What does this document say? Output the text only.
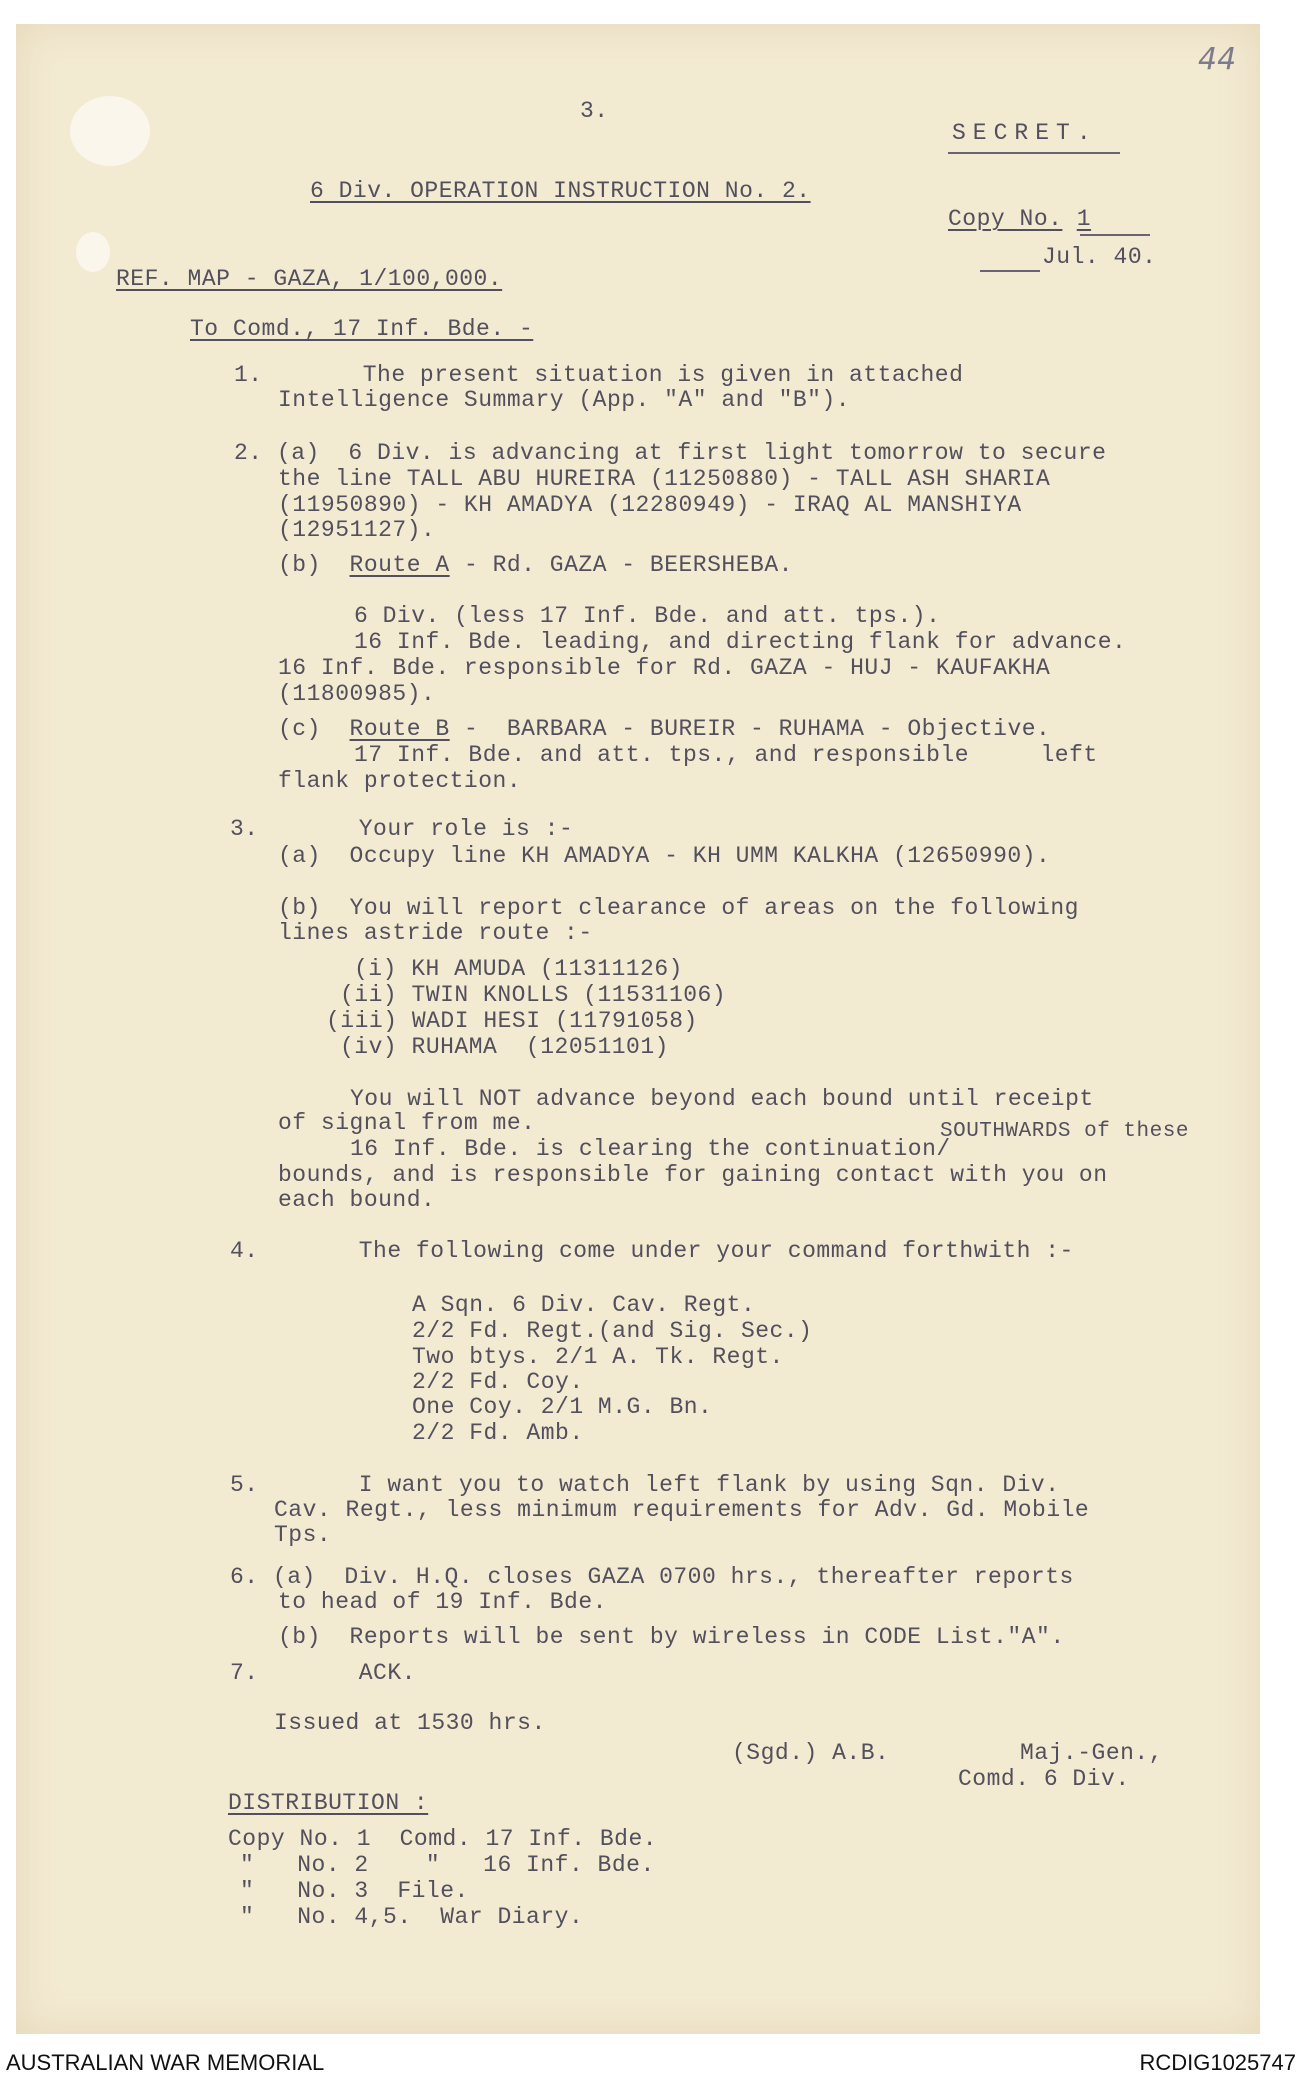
44
3.
SECRET.
6 Div. OPERATION INSTRUCTION No. 2.
Copy No. 1
Jul. 40.
REF. MAP - GAZA, 1/100,000.
To Comd., 17 Inf. Bde. -
1.       The present situation is given in attached
Intelligence Summary (App. "A" and "B").
2. (a)  6 Div. is advancing at first light tomorrow to secure
the line TALL ABU HUREIRA (11250880) - TALL ASH SHARIA
(11950890) - KH AMADYA (12280949) - IRAQ AL MANSHIYA
(12951127).
(b) Route A - Rd. GAZA - BEERSHEBA.
6 Div. (less 17 Inf. Bde. and att. tps.).
16 Inf. Bde. leading, and directing flank for advance.
16 Inf. Bde. responsible for Rd. GAZA - HUJ - KAUFAKHA
(11800985).
(c) Route B -  BARBARA - BUREIR - RUHAMA - Objective.
17 Inf. Bde. and att. tps., and responsible     left
flank protection.
3.       Your role is :-
(a)  Occupy line KH AMADYA - KH UMM KALKHA (12650990).
(b)  You will report clearance of areas on the following
lines astride route :-
(i) KH AMUDA (11311126)
(ii) TWIN KNOLLS (11531106)
(iii) WADI HESI (11791058)
(iv) RUHAMA  (12051101)
You will NOT advance beyond each bound until receipt
of signal from me.	SOUTHWARDS of these
16 Inf. Bde. is clearing the continuation/
bounds, and is responsible for gaining contact with you on
each bound.
4.       The following come under your command forthwith :-
A Sqn. 6 Div. Cav. Regt.
2/2 Fd. Regt.(and Sig. Sec.)
Two btys. 2/1 A. Tk. Regt.
2/2 Fd. Coy.
One Coy. 2/1 M.G. Bn.
2/2 Fd. Amb.
5.       I want you to watch left flank by using Sqn. Div.
Cav. Regt., less minimum requirements for Adv. Gd. Mobile
Tps.
6. (a)  Div. H.Q. closes GAZA 0700 hrs., thereafter reports
to head of 19 Inf. Bde.
(b)  Reports will be sent by wireless in CODE List."A".
7.       ACK.
Issued at 1530 hrs.
(Sgd.) A.B.	Maj.-Gen.,
Comd. 6 Div.
DISTRIBUTION :
Copy No. 1  Comd. 17 Inf. Bde.
"   No. 2    "   16 Inf. Bde.
"   No. 3  File.
"   No. 4,5.  War Diary.
AUSTRALIAN WAR MEMORIAL	RCDIG1025747
